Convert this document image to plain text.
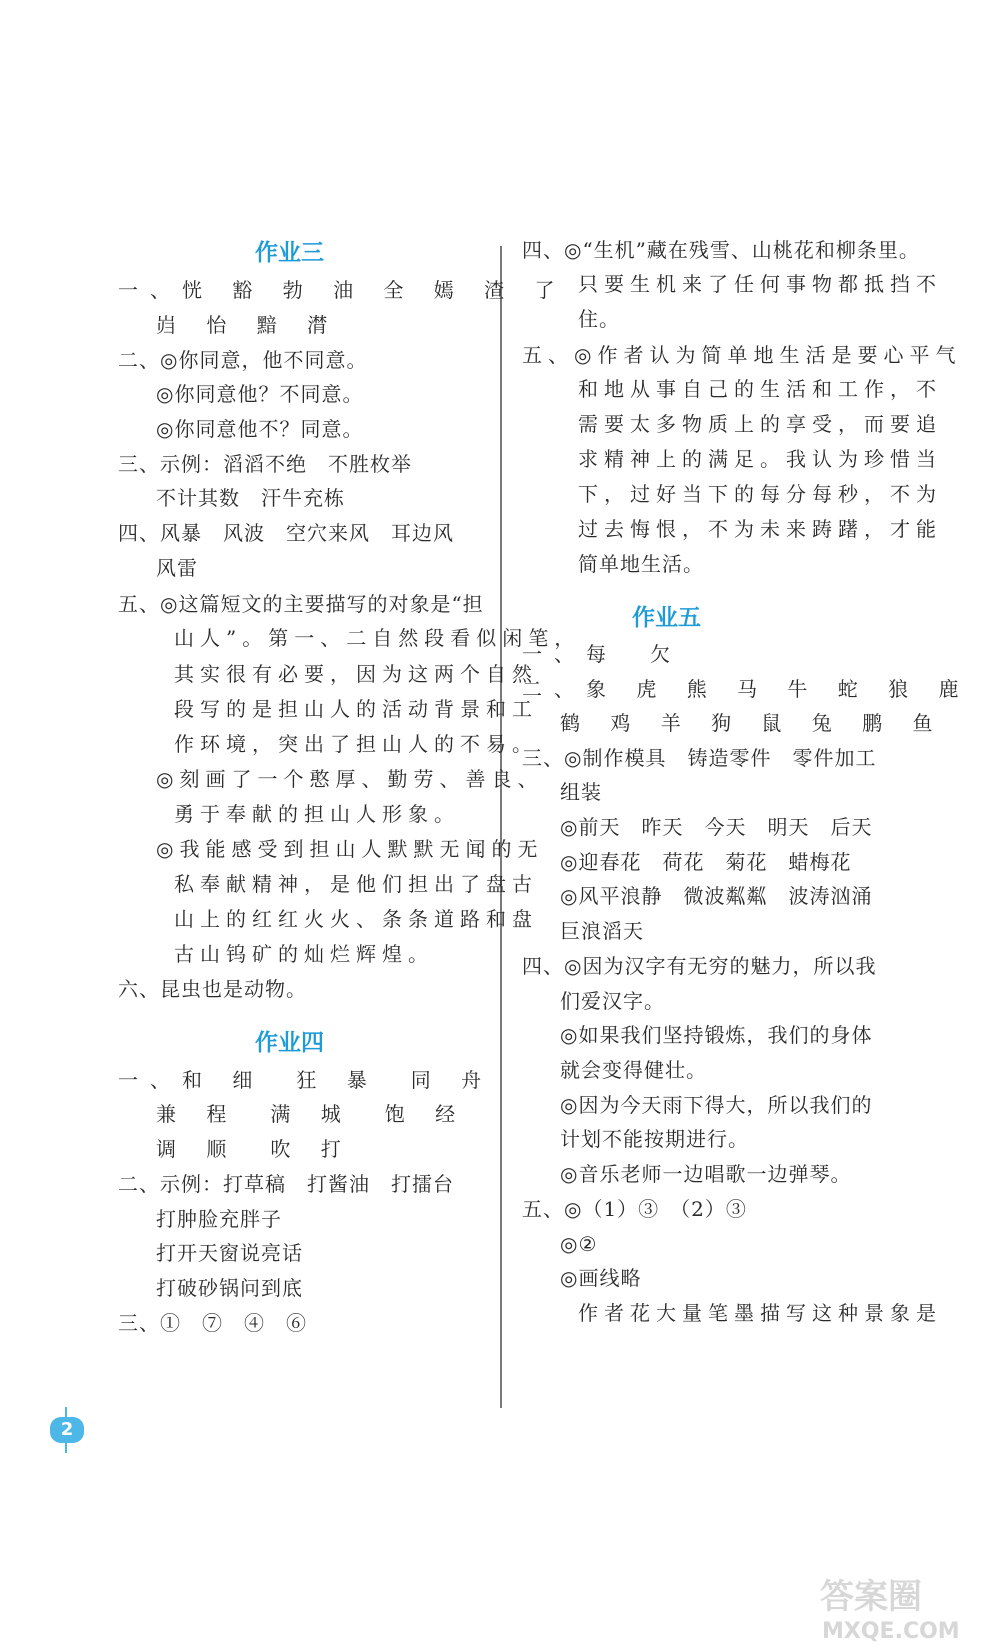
作业三
一、恍 豁 勃 油 全 嫣 渣 了
岿 怡 黯 潸
二、◎你同意，他不同意。
◎你同意他？不同意。
◎你同意他不？同意。
三、示例：滔滔不绝　不胜枚举
不计其数　汗牛充栋
四、风暴　风波　空穴来风　耳边风
风雷
五、◎这篇短文的主要描写的对象是“担
山人”。第一、二自然段看似闲笔，
其实很有必要，因为这两个自然
段写的是担山人的活动背景和工
作环境，突出了担山人的不易。
◎刻画了一个憨厚、勤劳、善良、
勇于奉献的担山人形象。
◎我能感受到担山人默默无闻的无
私奉献精神，是他们担出了盘古
山上的红红火火、条条道路和盘
古山钨矿的灿烂辉煌。
六、昆虫也是动物。
作业四
一、和 细　狂 暴　同 舟
兼 程　满 城　饱 经
调 顺　吹 打
二、示例：打草稿　打酱油　打擂台
打肿脸充胖子
打开天窗说亮话
打破砂锅问到底
三、①　⑦　④　⑥
四、◎“生机”藏在残雪、山桃花和柳条里。
只要生机来了任何事物都抵挡不
住。
五、◎作者认为简单地生活是要心平气
和地从事自己的生活和工作，不
需要太多物质上的享受，而要追
求精神上的满足。我认为珍惜当
下，过好当下的每分每秒，不为
过去悔恨，不为未来踌躇，才能
简单地生活。
作业五
一、每　欠
二、象 虎 熊 马 牛 蛇 狼 鹿
鹤 鸡 羊 狗 鼠 兔 鹏 鱼
三、◎制作模具　铸造零件　零件加工
组装
◎前天　昨天　今天　明天　后天
◎迎春花　荷花　菊花　蜡梅花
◎风平浪静　微波粼粼　波涛汹涌
巨浪滔天
四、◎因为汉字有无穷的魅力，所以我
们爱汉字。
◎如果我们坚持锻炼，我们的身体
就会变得健壮。
◎因为今天雨下得大，所以我们的
计划不能按期进行。
◎音乐老师一边唱歌一边弹琴。
五、◎（1）③　（2）③
◎②
◎画线略
作者花大量笔墨描写这种景象是
2
答案圈
MXQE.COM
